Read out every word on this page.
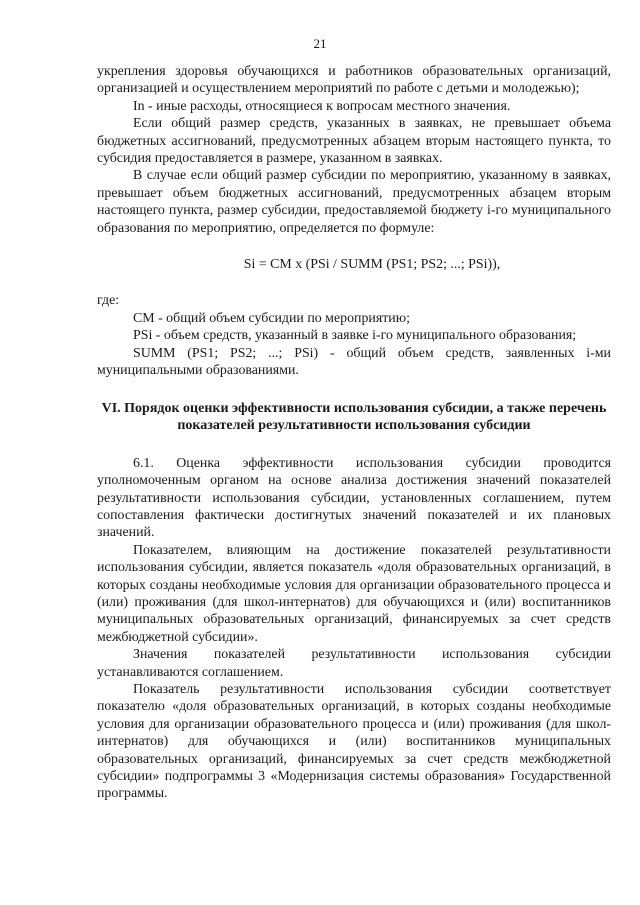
21

укрепления здоровья обучающихся и работников образовательных организаций, организацией и осуществлением мероприятий по работе с детьми и молодежью);

In - иные расходы, относящиеся к вопросам местного значения.

Если общий размер средств, указанных в заявках, не превышает объема бюджетных ассигнований, предусмотренных абзацем вторым настоящего пункта, то субсидия предоставляется в размере, указанном в заявках.

В случае если общий размер субсидии по мероприятию, указанному в заявках, превышает объем бюджетных ассигнований, предусмотренных абзацем вторым настоящего пункта, размер субсидии, предоставляемой бюджету i-го муниципального образования по мероприятию, определяется по формуле:

Si = CM x (PSi / SUMM (PS1; PS2; ...; PSi)),

где:

CM - общий объем субсидии по мероприятию;

PSi - объем средств, указанный в заявке i-го муниципального образования;

SUMM (PS1; PS2; ...; PSi) - общий объем средств, заявленных i-ми муниципальными образованиями.

VI. Порядок оценки эффективности использования субсидии, а также перечень показателей результативности использования субсидии

6.1. Оценка эффективности использования субсидии проводится уполномоченным органом на основе анализа достижения значений показателей результативности использования субсидии, установленных соглашением, путем сопоставления фактически достигнутых значений показателей и их плановых значений.

Показателем, влияющим на достижение показателей результативности использования субсидии, является показатель «доля образовательных организаций, в которых созданы необходимые условия для организации образовательного процесса и (или) проживания (для школ-интернатов) для обучающихся и (или) воспитанников муниципальных образовательных организаций, финансируемых за счет средств межбюджетной субсидии».

Значения показателей результативности использования субсидии устанавливаются соглашением.

Показатель результативности использования субсидии соответствует показателю «доля образовательных организаций, в которых созданы необходимые условия для организации образовательного процесса и (или) проживания (для школ-интернатов) для обучающихся и (или) воспитанников муниципальных образовательных организаций, финансируемых за счет средств межбюджетной субсидии» подпрограммы 3 «Модернизация системы образования» Государственной программы.
